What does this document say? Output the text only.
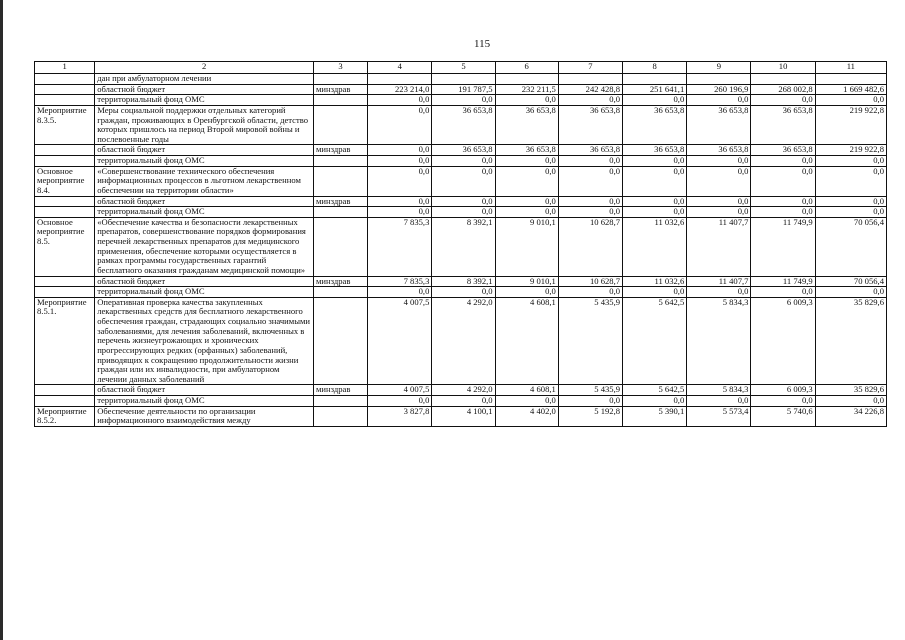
115
1	2	3	4	5	6	7	8	9	10	11
	дан при амбулаторном лечении									
	областной бюджет	минздрав	223 214,0	191 787,5	232 211,5	242 428,8	251 641,1	260 196,9	268 002,8	1 669 482,6
	территориальный фонд ОМС		0,0	0,0	0,0	0,0	0,0	0,0	0,0	0,0
Мероприятие 8.3.5.	Меры социальной поддержки отдельных категорий граждан, проживающих в Оренбургской области, детство которых пришлось на период Второй мировой войны и послевоенные годы		0,0	36 653,8	36 653,8	36 653,8	36 653,8	36 653,8	36 653,8	219 922,8
	областной бюджет	минздрав	0,0	36 653,8	36 653,8	36 653,8	36 653,8	36 653,8	36 653,8	219 922,8
	территориальный фонд ОМС		0,0	0,0	0,0	0,0	0,0	0,0	0,0	0,0
Основное мероприятие 8.4.	«Совершенствование технического обеспечения информационных процессов в льготном лекарственном обеспечении на территории области»		0,0	0,0	0,0	0,0	0,0	0,0	0,0	0,0
	областной бюджет	минздрав	0,0	0,0	0,0	0,0	0,0	0,0	0,0	0,0
	территориальный фонд ОМС		0,0	0,0	0,0	0,0	0,0	0,0	0,0	0,0
Основное мероприятие 8.5.	«Обеспечение качества и безопасности лекарственных препаратов, совершенствование порядков формирования перечней лекарственных препаратов для медицинского применения, обеспечение которыми осуществляется в рамках программы государственных гарантий бесплатного оказания гражданам медицинской помощи»		7 835,3	8 392,1	9 010,1	10 628,7	11 032,6	11 407,7	11 749,9	70 056,4
	областной бюджет	минздрав	7 835,3	8 392,1	9 010,1	10 628,7	11 032,6	11 407,7	11 749,9	70 056,4
	территориальный фонд ОМС		0,0	0,0	0,0	0,0	0,0	0,0	0,0	0,0
Мероприятие 8.5.1.	Оперативная проверка качества закупленных лекарственных средств для бесплатного лекарственного обеспечения граждан, страдающих социально значимыми заболеваниями, для лечения заболеваний, включенных в перечень жизнеугрожающих и хронических прогрессирующих редких (орфанных) заболеваний, приводящих к сокращению продолжительности жизни граждан или их инвалидности, при амбулаторном лечении данных заболеваний		4 007,5	4 292,0	4 608,1	5 435,9	5 642,5	5 834,3	6 009,3	35 829,6
	областной бюджет	минздрав	4 007,5	4 292,0	4 608,1	5 435,9	5 642,5	5 834,3	6 009,3	35 829,6
	территориальный фонд ОМС		0,0	0,0	0,0	0,0	0,0	0,0	0,0	0,0
Мероприятие 8.5.2.	Обеспечение деятельности по организации информационного взаимодействия между		3 827,8	4 100,1	4 402,0	5 192,8	5 390,1	5 573,4	5 740,6	34 226,8
